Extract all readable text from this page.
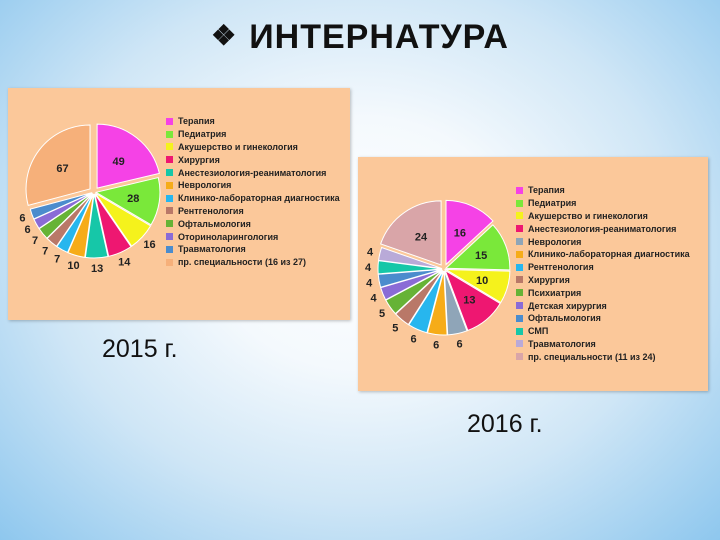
❖ ИНТЕРНАТУРА
49
28
16
14
13
10
7
7
7
6
6
67
Терапия
Педиатрия
Акушерство и гинекология
Хирургия
Анестезиология-реаниматология
Неврология
Клинико-лабораторная диагностика
Рентгенология
Офтальмология
Оториноларингология
Травматология
пр. специальности (16 из 27)
16
15
10
13
6
6
6
5
5
4
4
4
4
24
Терапия
Педиатрия
Акушерство и гинекология
Анестезиология-реаниматология
Неврология
Клинико-лабораторная диагностика
Рентгенология
Хирургия
Психиатрия
Детская хирургия
Офтальмология
СМП
Травматология
пр. специальности (11 из 24)
2015 г.
2016 г.
